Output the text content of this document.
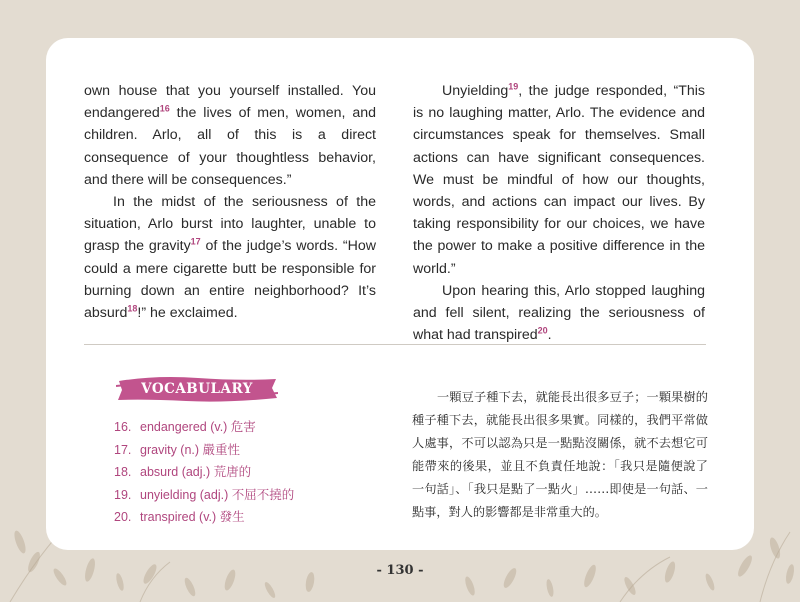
own house that you yourself installed. You endangered$^{16}$ the lives of men, women, and children. Arlo, all of this is a direct consequence of your thoughtless behavior, and there will be consequences.”

In the midst of the seriousness of the situation, Arlo burst into laughter, unable to grasp the gravity$^{17}$ of the judge’s words. “How could a mere cigarette butt be responsible for burning down an entire neighborhood? It’s absurd$^{18}$!” he exclaimed.

Unyielding$^{19}$, the judge responded, “This is no laughing matter, Arlo. The evidence and circumstances speak for themselves. Small actions can have significant consequences. We must be mindful of how our thoughts, words, and actions can impact our lives. By taking responsibility for our choices, we have the power to make a positive difference in the world.”

Upon hearing this, Arlo stopped laughing and fell silent, realizing the seriousness of what had transpired$^{20}$.

VOCABULARY
16. endangered (v.) 危害
17. gravity (n.) 嚴重性
18. absurd (adj.) 荒唐的
19. unyielding (adj.) 不屈不撓的
20. transpired (v.) 發生

一顆豆子種下去，就能長出很多豆子；一顆果樹的種子種下去，就能長出很多果實。同樣的，我們平常做人處事，不可以認為只是一點點沒關係，就不去想它可能帶來的後果，並且不負責任地說：「我只是隨便說了一句話」、「我只是點了一點火」……即使是一句話、一點事，對人的影響都是非常重大的。

- 130 -
